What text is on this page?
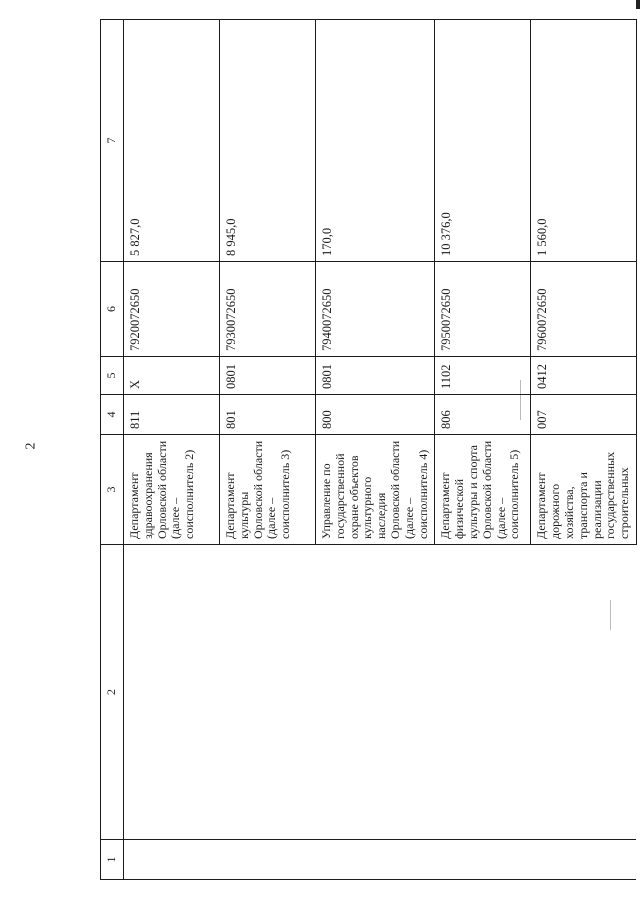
2
1	2	3	4	5	6	7
		Департамент здравоохранения Орловской области (далее – соисполнитель 2)	811	X	7920072650	5 827,0
		Департамент культуры Орловской области (далее – соисполнитель 3)	801	0801	7930072650	8 945,0
		Управление по государственной охране объектов культурного наследия Орловской области (далее – соисполнитель 4)	800	0801	7940072650	170,0
		Департамент физической культуры и спорта Орловской области (далее – соисполнитель 5)	806	1102	7950072650	10 376,0
		Департамент дорожного хозяйства, транспорта и реализации государственных строительных	007	0412	7960072650	1 560,0
